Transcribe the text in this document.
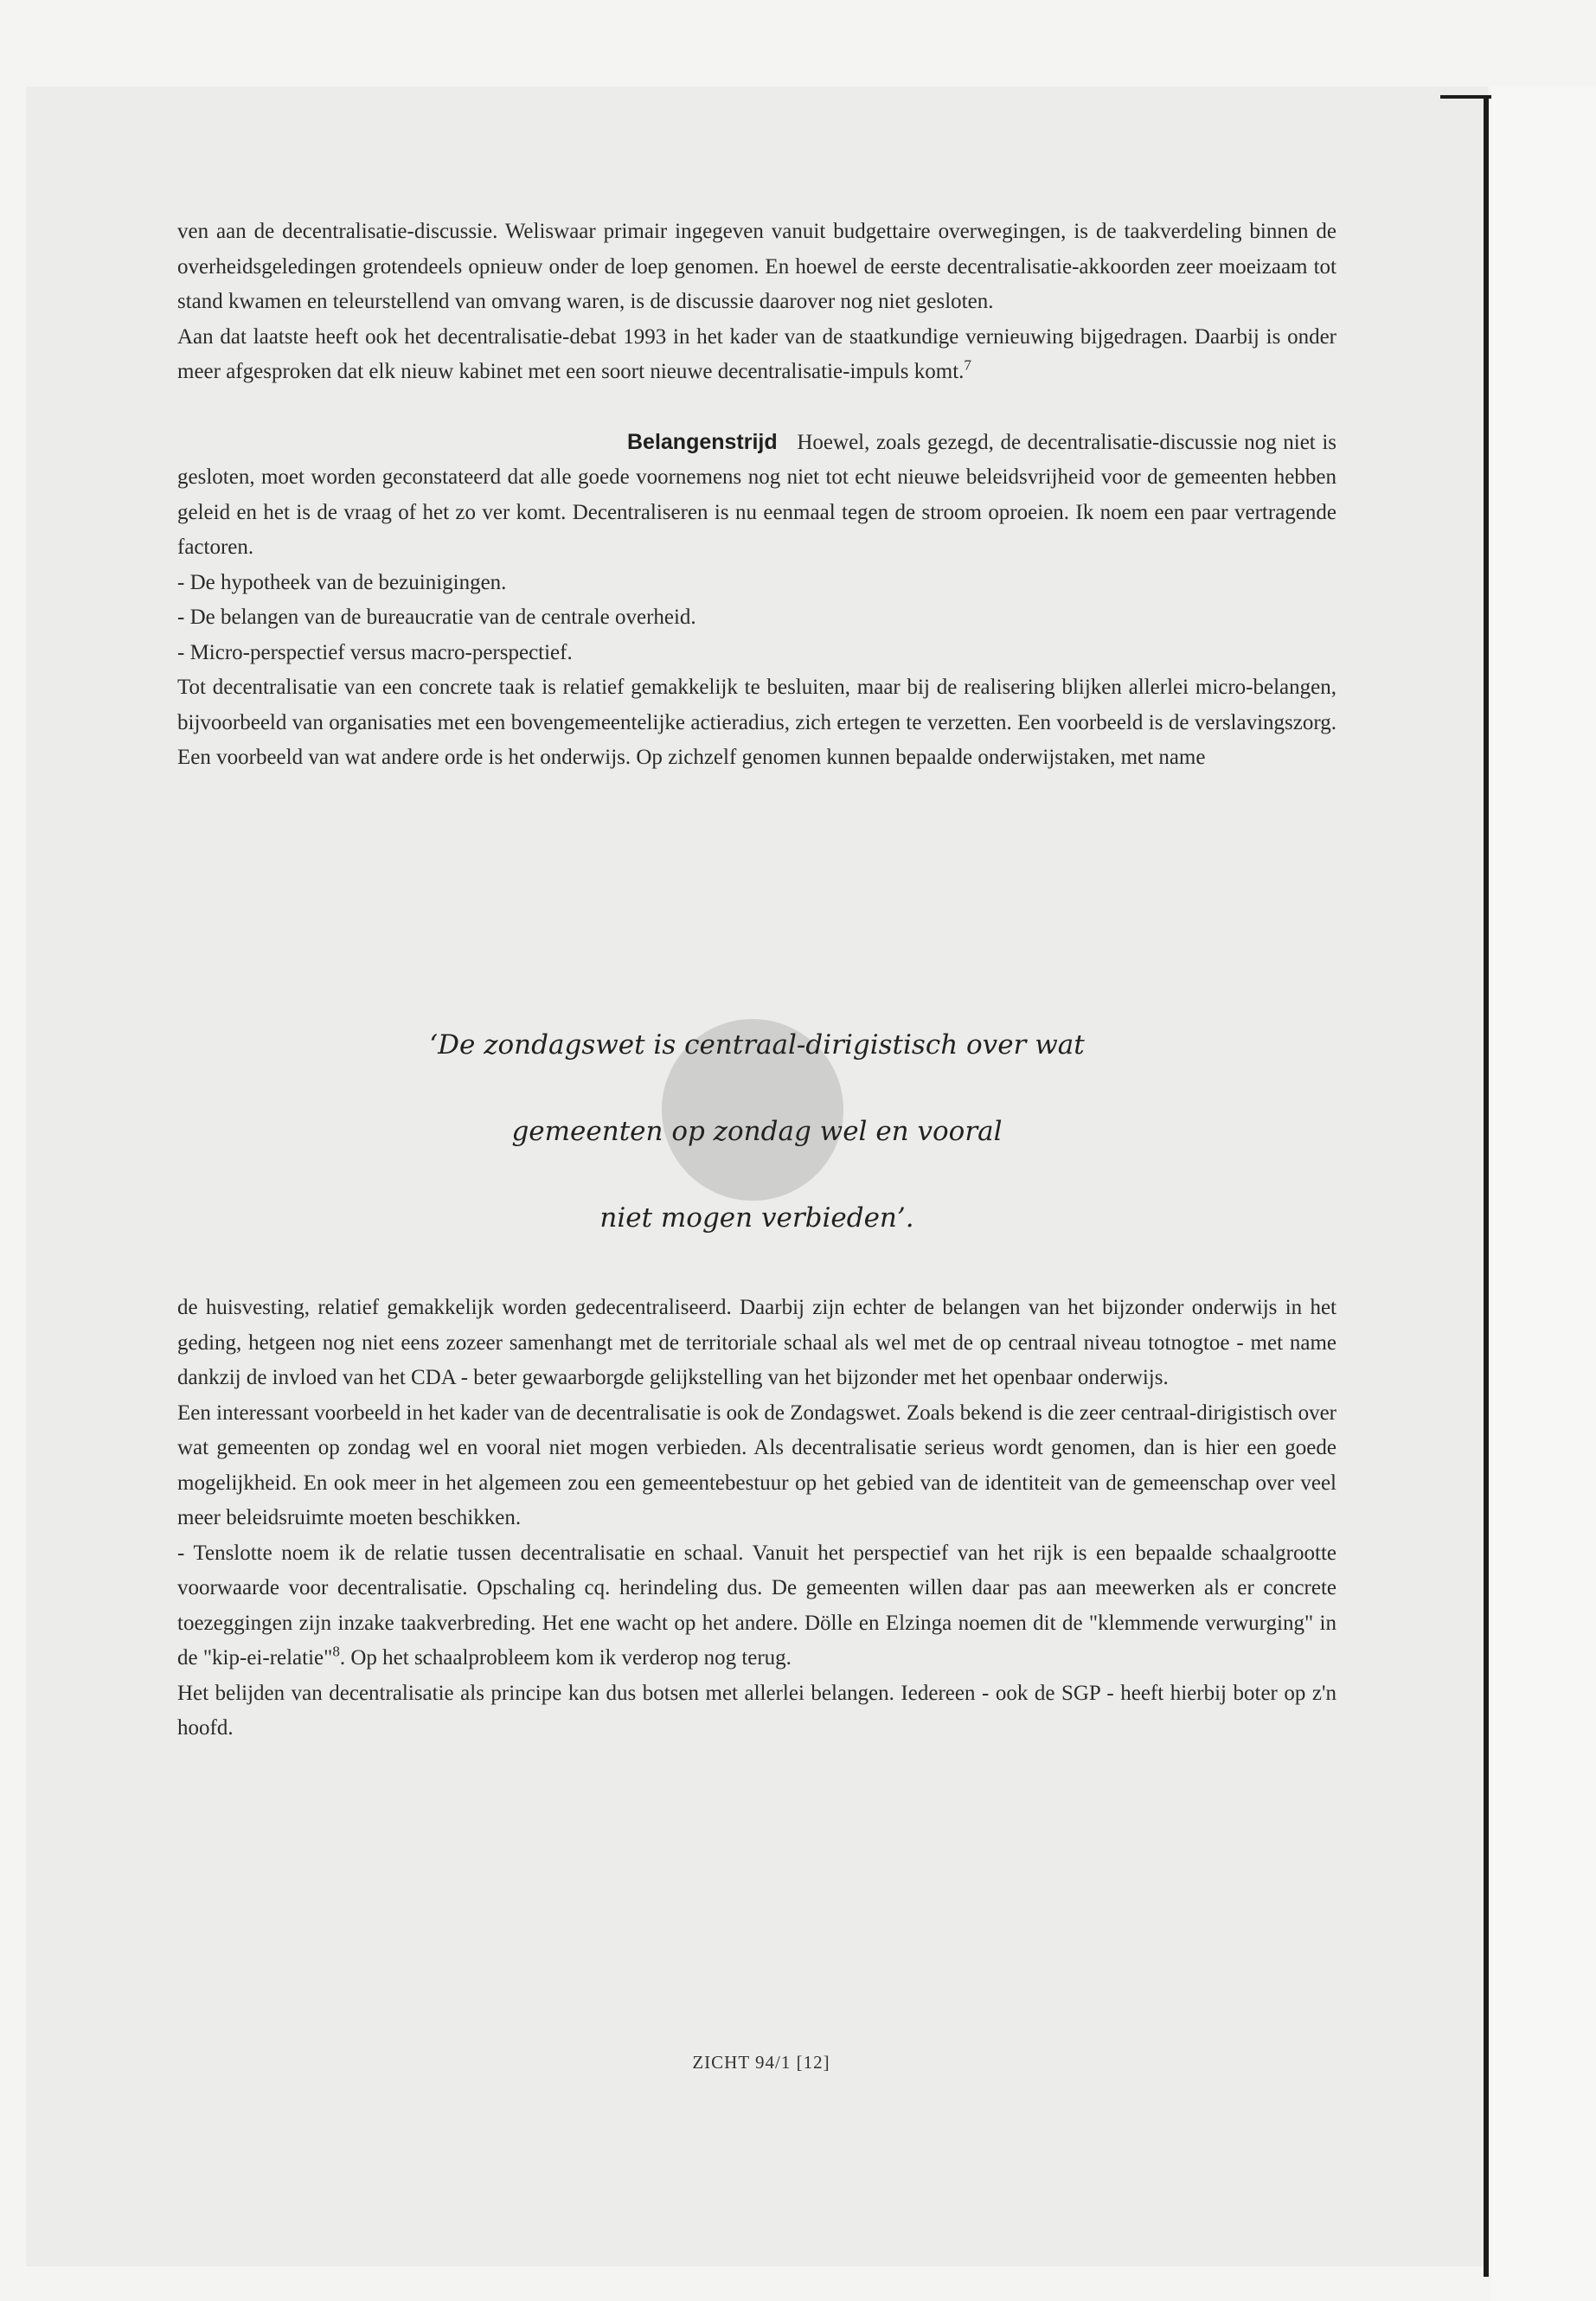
ven aan de decentralisatie-discussie. Weliswaar primair ingegeven vanuit budgettaire overwegingen, is de taakverdeling binnen de overheidsgeledingen grotendeels opnieuw onder de loep genomen. En hoewel de eerste decentralisatie-akkoorden zeer moeizaam tot stand kwamen en teleurstellend van omvang waren, is de discussie daarover nog niet gesloten.

Aan dat laatste heeft ook het decentralisatie-debat 1993 in het kader van de staatkundige vernieuwing bijgedragen. Daarbij is onder meer afgesproken dat elk nieuw kabinet met een soort nieuwe decentralisatie-impuls komt.$^7$

Belangenstrijd Hoewel, zoals gezegd, de decentralisatie-discussie nog niet is gesloten, moet worden geconstateerd dat alle goede voornemens nog niet tot echt nieuwe beleidsvrijheid voor de gemeenten hebben geleid en het is de vraag of het zo ver komt. Decentraliseren is nu eenmaal tegen de stroom oproeien. Ik noem een paar vertragende factoren.

- De hypotheek van de bezuinigingen.

- De belangen van de bureaucratie van de centrale overheid.

- Micro-perspectief versus macro-perspectief.

Tot decentralisatie van een concrete taak is relatief gemakkelijk te besluiten, maar bij de realisering blijken allerlei micro-belangen, bijvoorbeeld van organisaties met een bovengemeentelijke actieradius, zich ertegen te verzetten. Een voorbeeld is de verslavingszorg. Een voorbeeld van wat andere orde is het onderwijs. Op zichzelf genomen kunnen bepaalde onderwijstaken, met name

‘De zondagswet is centraal-dirigistisch over wat
gemeenten op zondag wel en vooral
niet mogen verbieden’.

de huisvesting, relatief gemakkelijk worden gedecentraliseerd. Daarbij zijn echter de belangen van het bijzonder onderwijs in het geding, hetgeen nog niet eens zozeer samenhangt met de territoriale schaal als wel met de op centraal niveau totnogtoe - met name dankzij de invloed van het CDA - beter gewaarborgde gelijkstelling van het bijzonder met het openbaar onderwijs.

Een interessant voorbeeld in het kader van de decentralisatie is ook de Zondagswet. Zoals bekend is die zeer centraal-dirigistisch over wat gemeenten op zondag wel en vooral niet mogen verbieden. Als decentralisatie serieus wordt genomen, dan is hier een goede mogelijkheid. En ook meer in het algemeen zou een gemeentebestuur op het gebied van de identiteit van de gemeenschap over veel meer beleidsruimte moeten beschikken.

- Tenslotte noem ik de relatie tussen decentralisatie en schaal. Vanuit het perspectief van het rijk is een bepaalde schaalgrootte voorwaarde voor decentralisatie. Opschaling cq. herindeling dus. De gemeenten willen daar pas aan meewerken als er concrete toezeggingen zijn inzake taakverbreding. Het ene wacht op het andere. Dölle en Elzinga noemen dit de "klemmende verwurging" in de "kip-ei-relatie"$^8$. Op het schaalprobleem kom ik verderop nog terug.

Het belijden van decentralisatie als principe kan dus botsen met allerlei belangen. Iedereen - ook de SGP - heeft hierbij boter op z'n hoofd.

ZICHT 94/1 [12]
